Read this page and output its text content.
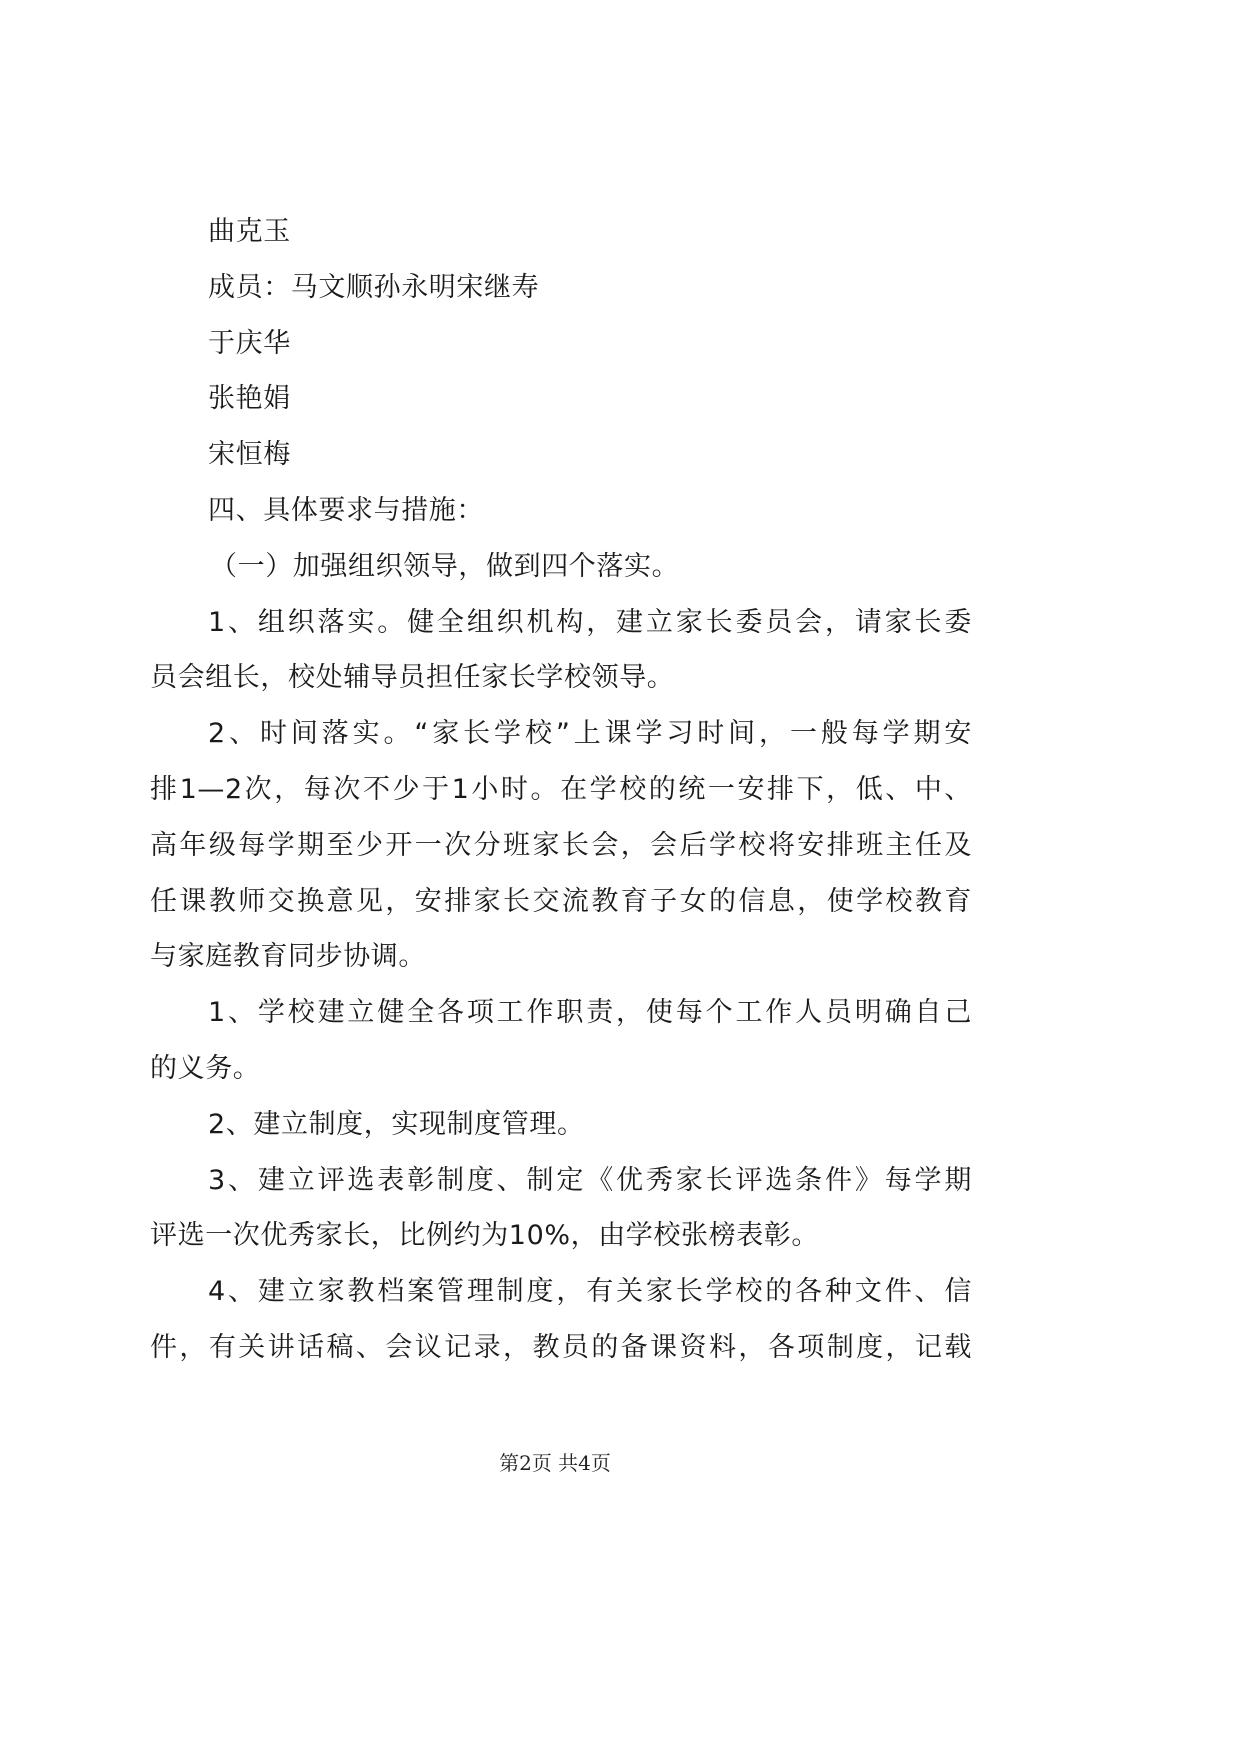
曲克玉
成员：马文顺孙永明宋继寿
于庆华
张艳娟
宋恒梅
四、具体要求与措施：
（一）加强组织领导，做到四个落实。
1、组织落实。健全组织机构，建立家长委员会，请家长委
员会组长，校处辅导员担任家长学校领导。
2、时间落实。“家长学校”上课学习时间，一般每学期安
排1—2次，每次不少于1小时。在学校的统一安排下，低、中、
高年级每学期至少开一次分班家长会，会后学校将安排班主任及
任课教师交换意见，安排家长交流教育子女的信息，使学校教育
与家庭教育同步协调。
1、学校建立健全各项工作职责，使每个工作人员明确自己
的义务。
2、建立制度，实现制度管理。
3、建立评选表彰制度、制定《优秀家长评选条件》每学期
评选一次优秀家长，比例约为10%，由学校张榜表彰。
4、建立家教档案管理制度，有关家长学校的各种文件、信
件，有关讲话稿、会议记录，教员的备课资料，各项制度，记载
第2页 共4页
